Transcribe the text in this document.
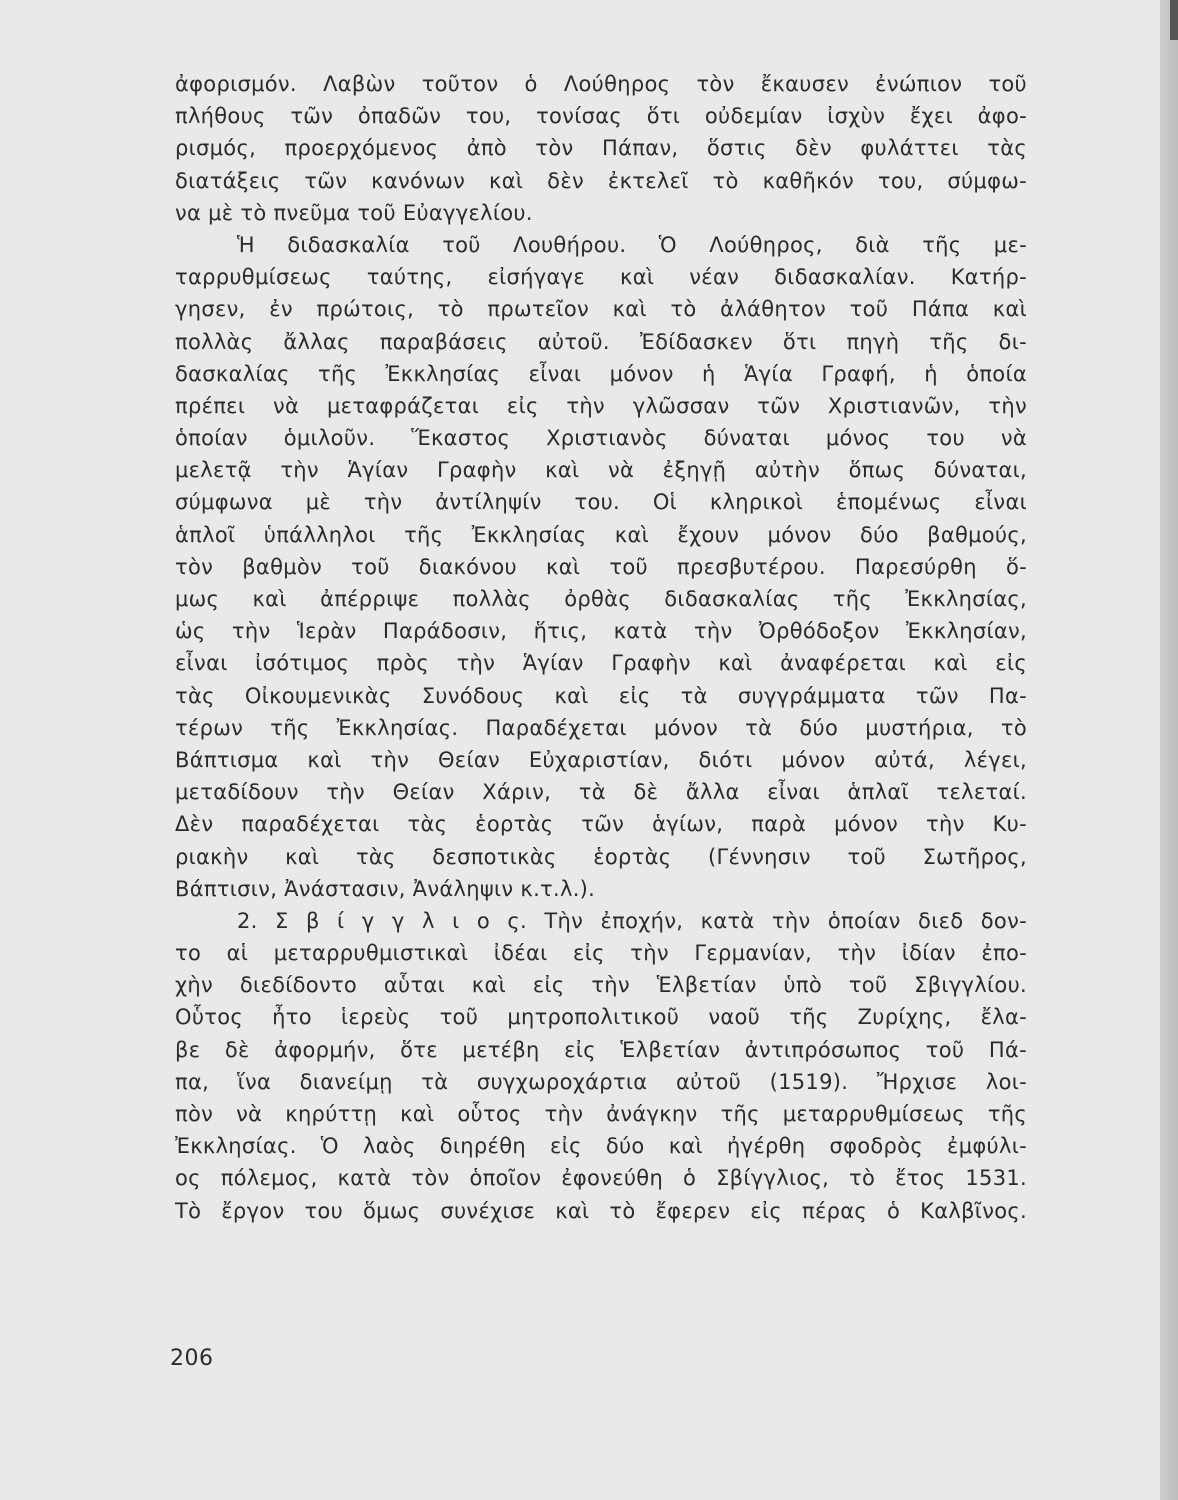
ἀφορισμόν. Λαβὼν τοῦτον ὁ Λούθηρος τὸν ἔκαυσεν ἐνώπιον τοῦ
πλήθους τῶν ὀπαδῶν του, τονίσας ὅτι οὐδεμίαν ἰσχὺν ἔχει ἀφο-
ρισμός, προερχόμενος ἀπὸ τὸν Πάπαν, ὅστις δὲν φυλάττει τὰς
διατάξεις τῶν κανόνων καὶ δὲν ἐκτελεῖ τὸ καθῆκόν του, σύμφω-
να μὲ τὸ πνεῦμα τοῦ Εὐαγγελίου.
Ἡ διδασκαλία τοῦ Λουθήρου. Ὁ Λούθηρος, διὰ τῆς με-
ταρρυθμίσεως ταύτης, εἰσήγαγε καὶ νέαν διδασκαλίαν. Κατήρ-
γησεν, ἐν πρώτοις, τὸ πρωτεῖον καὶ τὸ ἀλάθητον τοῦ Πάπα καὶ
πολλὰς ἄλλας παραβάσεις αὐτοῦ. Ἐδίδασκεν ὅτι πηγὴ τῆς δι-
δασκαλίας τῆς Ἐκκλησίας εἶναι μόνον ἡ Ἁγία Γραφή, ἡ ὁποία
πρέπει νὰ μεταφράζεται εἰς τὴν γλῶσσαν τῶν Χριστιανῶν, τὴν
ὁποίαν ὁμιλοῦν. Ἕκαστος Χριστιανὸς δύναται μόνος του νὰ
μελετᾷ τὴν Ἁγίαν Γραφὴν καὶ νὰ ἐξηγῇ αὐτὴν ὅπως δύναται,
σύμφωνα μὲ τὴν ἀντίληψίν του. Οἱ κληρικοὶ ἑπομένως εἶναι
ἁπλοῖ ὑπάλληλοι τῆς Ἐκκλησίας καὶ ἔχουν μόνον δύο βαθμούς,
τὸν βαθμὸν τοῦ διακόνου καὶ τοῦ πρεσβυτέρου. Παρεσύρθη ὅ-
μως καὶ ἀπέρριψε πολλὰς ὀρθὰς διδασκαλίας τῆς Ἐκκλησίας,
ὡς τὴν Ἱερὰν Παράδοσιν, ἥτις, κατὰ τὴν Ὀρθόδοξον Ἐκκλησίαν,
εἶναι ἰσότιμος πρὸς τὴν Ἁγίαν Γραφὴν καὶ ἀναφέρεται καὶ εἰς
τὰς Οἰκουμενικὰς Συνόδους καὶ εἰς τὰ συγγράμματα τῶν Πα-
τέρων τῆς Ἐκκλησίας. Παραδέχεται μόνον τὰ δύο μυστήρια, τὸ
Βάπτισμα καὶ τὴν Θείαν Εὐχαριστίαν, διότι μόνον αὐτά, λέγει,
μεταδίδουν τὴν Θείαν Χάριν, τὰ δὲ ἄλλα εἶναι ἁπλαῖ τελεταί.
Δὲν παραδέχεται τὰς ἑορτὰς τῶν ἁγίων, παρὰ μόνον τὴν Κυ-
ριακὴν καὶ τὰς δεσποτικὰς ἑορτὰς (Γέννησιν τοῦ Σωτῆρος,
Βάπτισιν, Ἀνάστασιν, Ἀνάληψιν κ.τ.λ.).
2. Σ β ί γ γ λ ι ο ς. Τὴν ἐποχήν, κατὰ τὴν ὁποίαν διεδ δον-
το αἱ μεταρρυθμιστικαὶ ἰδέαι εἰς τὴν Γερμανίαν, τὴν ἰδίαν ἐπο-
χὴν διεδίδοντο αὗται καὶ εἰς τὴν Ἑλβετίαν ὑπὸ τοῦ Σβιγγλίου.
Οὗτος ἦτο ἱερεὺς τοῦ μητροπολιτικοῦ ναοῦ τῆς Ζυρίχης, ἔλα-
βε δὲ ἀφορμήν, ὅτε μετέβη εἰς Ἑλβετίαν ἀντιπρόσωπος τοῦ Πά-
πα, ἵνα διανείμῃ τὰ συγχωροχάρτια αὐτοῦ (1519). Ἤρχισε λοι-
πὸν νὰ κηρύττῃ καὶ οὗτος τὴν ἀνάγκην τῆς μεταρρυθμίσεως τῆς
Ἐκκλησίας. Ὁ λαὸς διηρέθη εἰς δύο καὶ ἠγέρθη σφοδρὸς ἐμφύλι-
ος πόλεμος, κατὰ τὸν ὁποῖον ἐφονεύθη ὁ Σβίγγλιος, τὸ ἔτος 1531.
Τὸ ἔργον του ὅμως συνέχισε καὶ τὸ ἔφερεν εἰς πέρας ὁ Καλβῖνος.
206
